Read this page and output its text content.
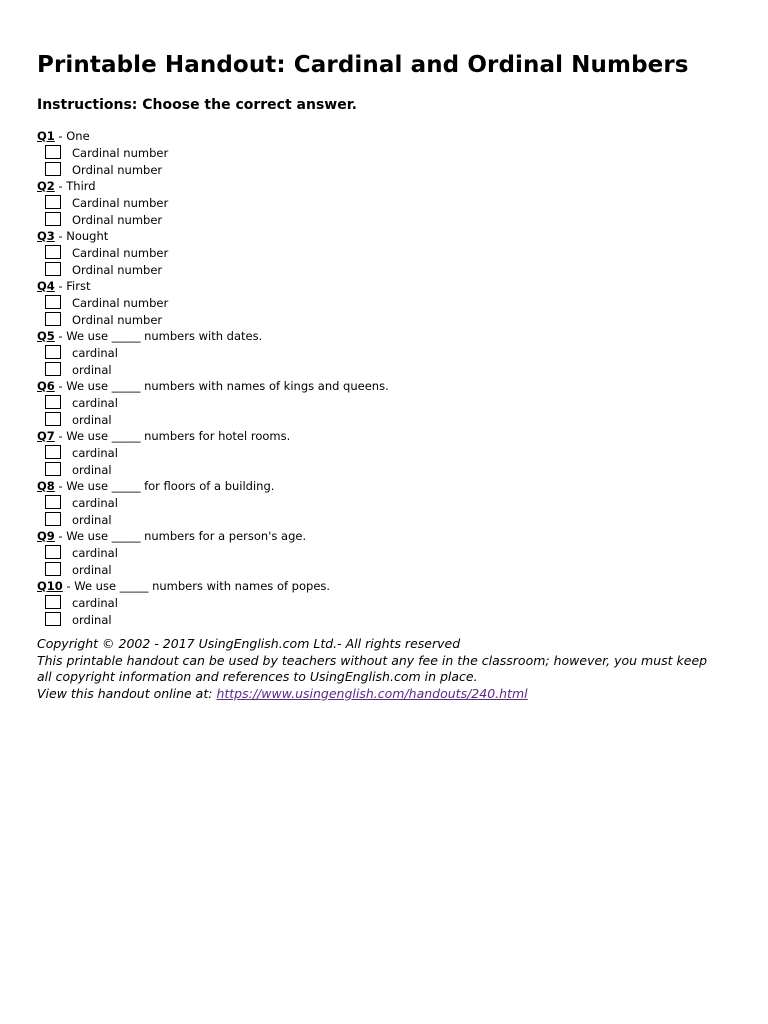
Printable Handout: Cardinal and Ordinal Numbers

Instructions: Choose the correct answer.

Q1 - One
Cardinal number
Ordinal number
Q2 - Third
Cardinal number
Ordinal number
Q3 - Nought
Cardinal number
Ordinal number
Q4 - First
Cardinal number
Ordinal number
Q5 - We use _____ numbers with dates.
cardinal
ordinal
Q6 - We use _____ numbers with names of kings and queens.
cardinal
ordinal
Q7 - We use _____ numbers for hotel rooms.
cardinal
ordinal
Q8 - We use _____ for floors of a building.
cardinal
ordinal
Q9 - We use _____ numbers for a person's age.
cardinal
ordinal
Q10 - We use _____ numbers with names of popes.
cardinal
ordinal
Copyright © 2002 - 2017 UsingEnglish.com Ltd.- All rights reserved
This printable handout can be used by teachers without any fee in the classroom; however, you must keep
all copyright information and references to UsingEnglish.com in place.
View this handout online at: https://www.usingenglish.com/handouts/240.html
